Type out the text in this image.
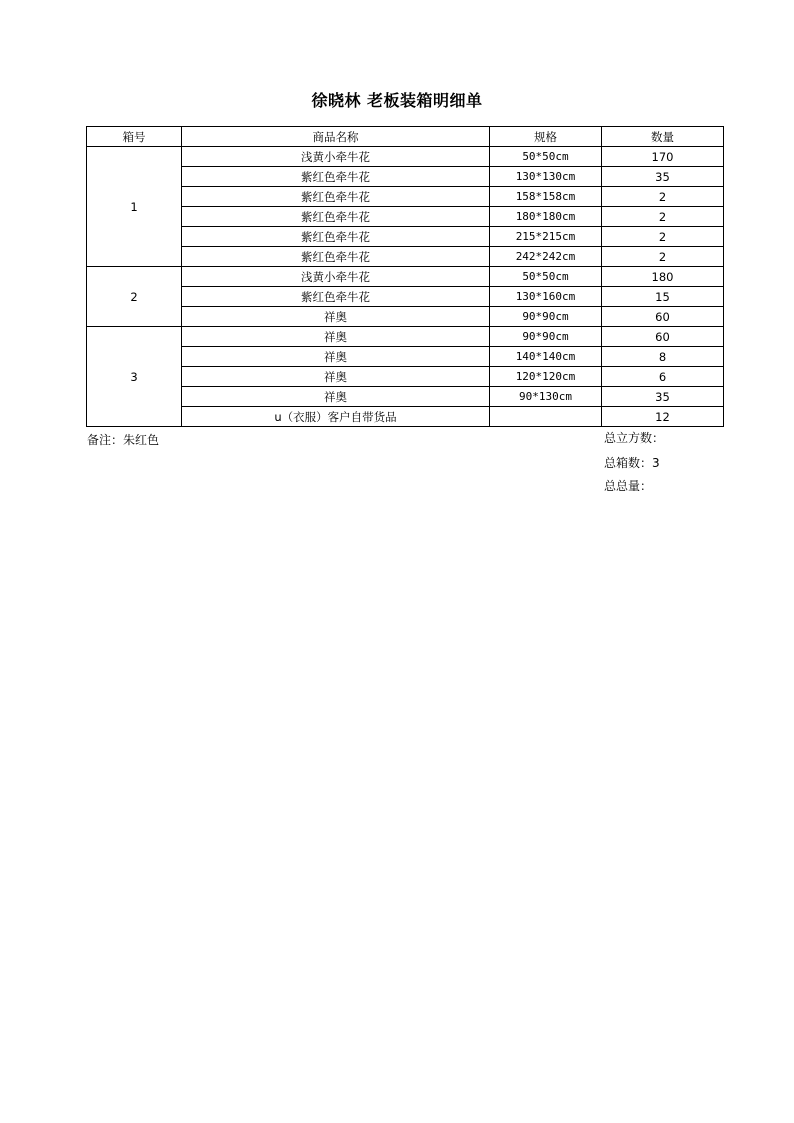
徐晓林 老板装箱明细单
箱号	商品名称	规格	数量
1	浅黄小牵牛花	50*50cm	170
	紫红色牵牛花	130*130cm	35
	紫红色牵牛花	158*158cm	2
	紫红色牵牛花	180*180cm	2
	紫红色牵牛花	215*215cm	2
	紫红色牵牛花	242*242cm	2
2	浅黄小牵牛花	50*50cm	180
	紫红色牵牛花	130*160cm	15
	祥奥	90*90cm	60
3	祥奥	90*90cm	60
	祥奥	140*140cm	8
	祥奥	120*120cm	6
	祥奥	90*130cm	35
	u（衣服）客户自带货品		12
备注：朱红色	总立方数：
总箱数：3
总总量：
